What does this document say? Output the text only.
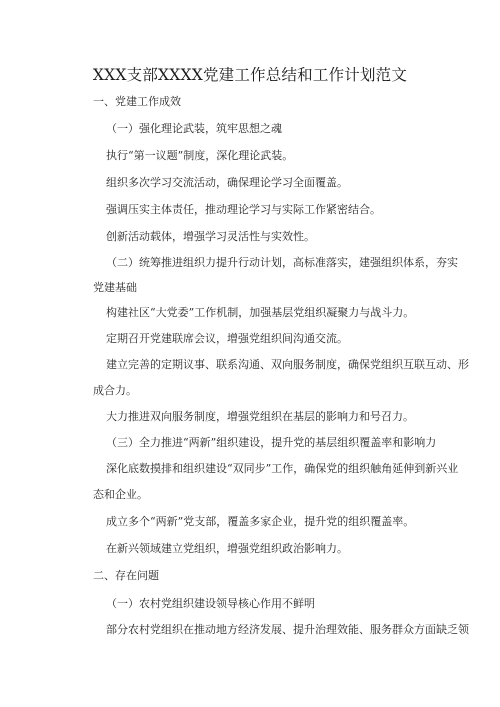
XXX支部XXXX党建工作总结和工作计划范文
一、党建工作成效
（一）强化理论武装，筑牢思想之魂
执行“第一议题”制度，深化理论武装。
组织多次学习交流活动，确保理论学习全面覆盖。
强调压实主体责任，推动理论学习与实际工作紧密结合。
创新活动载体，增强学习灵活性与实效性。
（二）统筹推进组织力提升行动计划，高标准落实，建强组织体系，夯实
党建基础
构建社区“大党委”工作机制，加强基层党组织凝聚力与战斗力。
定期召开党建联席会议，增强党组织间沟通交流。
建立完善的定期议事、联系沟通、双向服务制度，确保党组织互联互动、形
成合力。
大力推进双向服务制度，增强党组织在基层的影响力和号召力。
（三）全力推进“两新”组织建设，提升党的基层组织覆盖率和影响力
深化底数摸排和组织建设“双同步”工作，确保党的组织触角延伸到新兴业
态和企业。
成立多个“两新”党支部，覆盖多家企业，提升党的组织覆盖率。
在新兴领域建立党组织，增强党组织政治影响力。
二、存在问题
（一）农村党组织建设领导核心作用不鲜明
部分农村党组织在推动地方经济发展、提升治理效能、服务群众方面缺乏领
